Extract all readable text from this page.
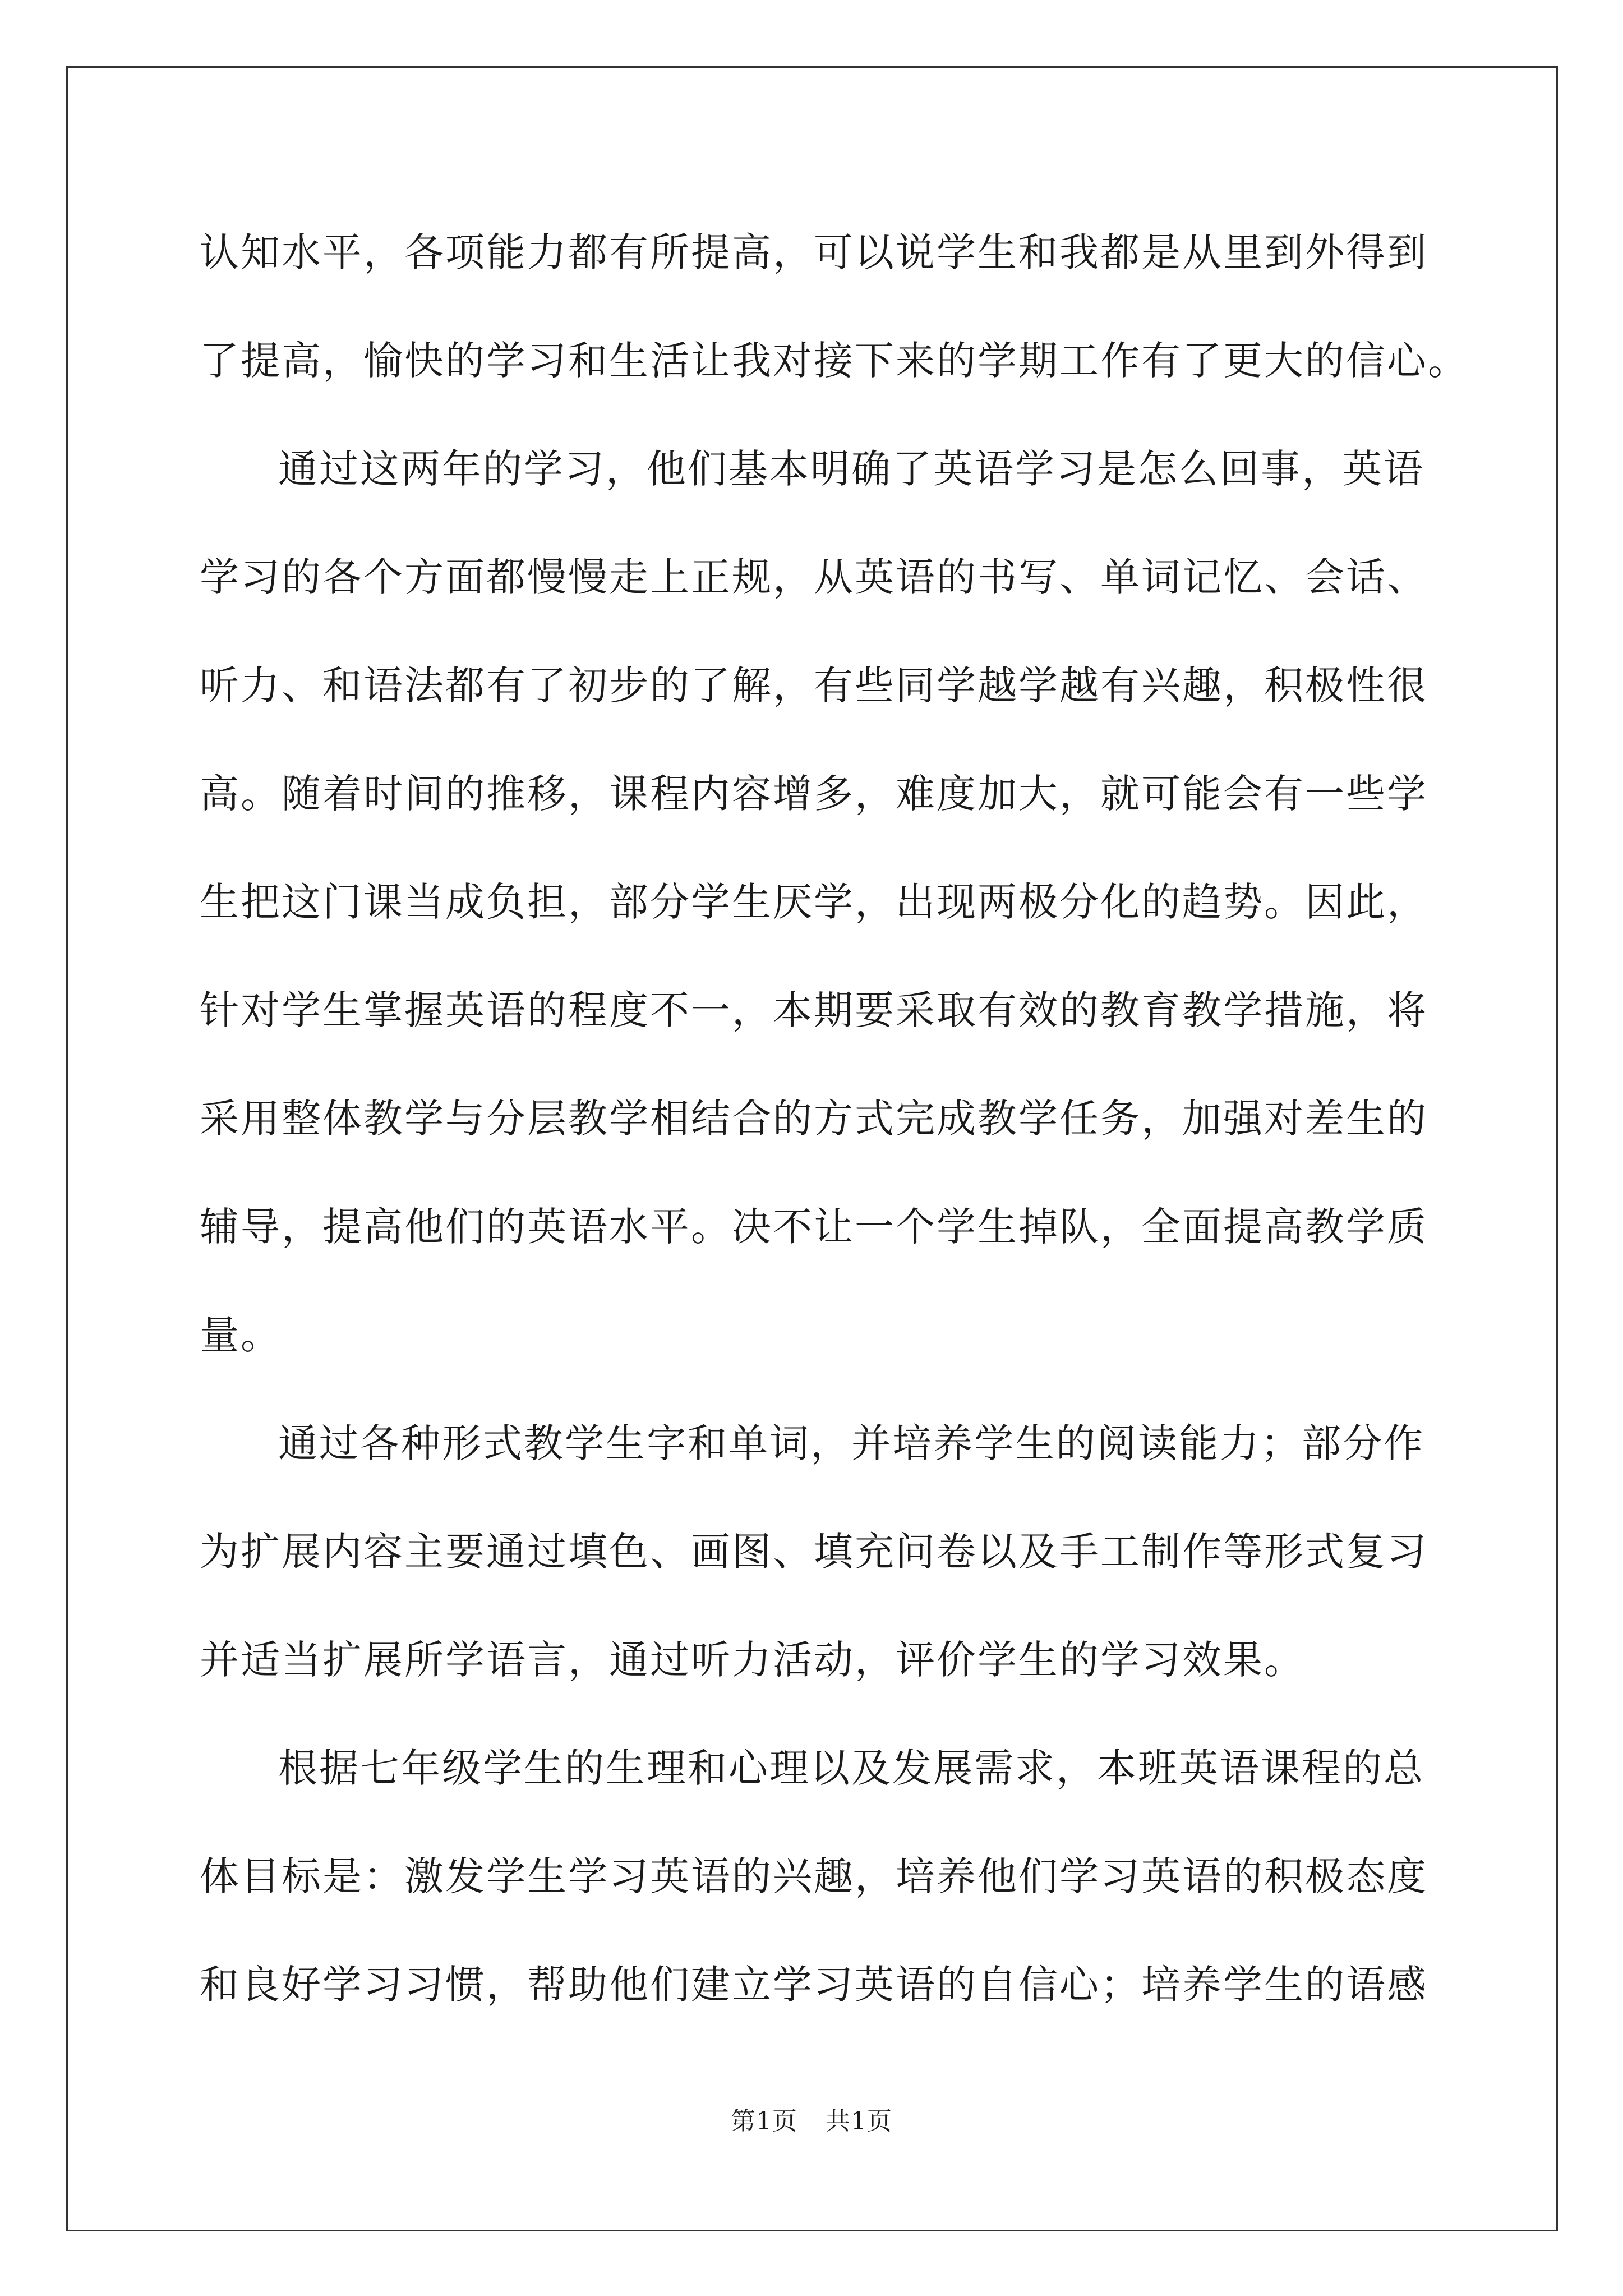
认知水平，各项能力都有所提高，可以说学生和我都是从里到外得到
了提高，愉快的学习和生活让我对接下来的学期工作有了更大的信心。
通过这两年的学习，他们基本明确了英语学习是怎么回事，英语
学习的各个方面都慢慢走上正规，从英语的书写、单词记忆、会话、
听力、和语法都有了初步的了解，有些同学越学越有兴趣，积极性很
高。随着时间的推移，课程内容增多，难度加大，就可能会有一些学
生把这门课当成负担，部分学生厌学，出现两极分化的趋势。因此，
针对学生掌握英语的程度不一，本期要采取有效的教育教学措施，将
采用整体教学与分层教学相结合的方式完成教学任务，加强对差生的
辅导，提高他们的英语水平。决不让一个学生掉队，全面提高教学质
量。
通过各种形式教学生字和单词，并培养学生的阅读能力；部分作
为扩展内容主要通过填色、画图、填充问卷以及手工制作等形式复习
并适当扩展所学语言，通过听力活动，评价学生的学习效果。
根据七年级学生的生理和心理以及发展需求，本班英语课程的总
体目标是：激发学生学习英语的兴趣，培养他们学习英语的积极态度
和良好学习习惯，帮助他们建立学习英语的自信心；培养学生的语感
第1页 共1页
